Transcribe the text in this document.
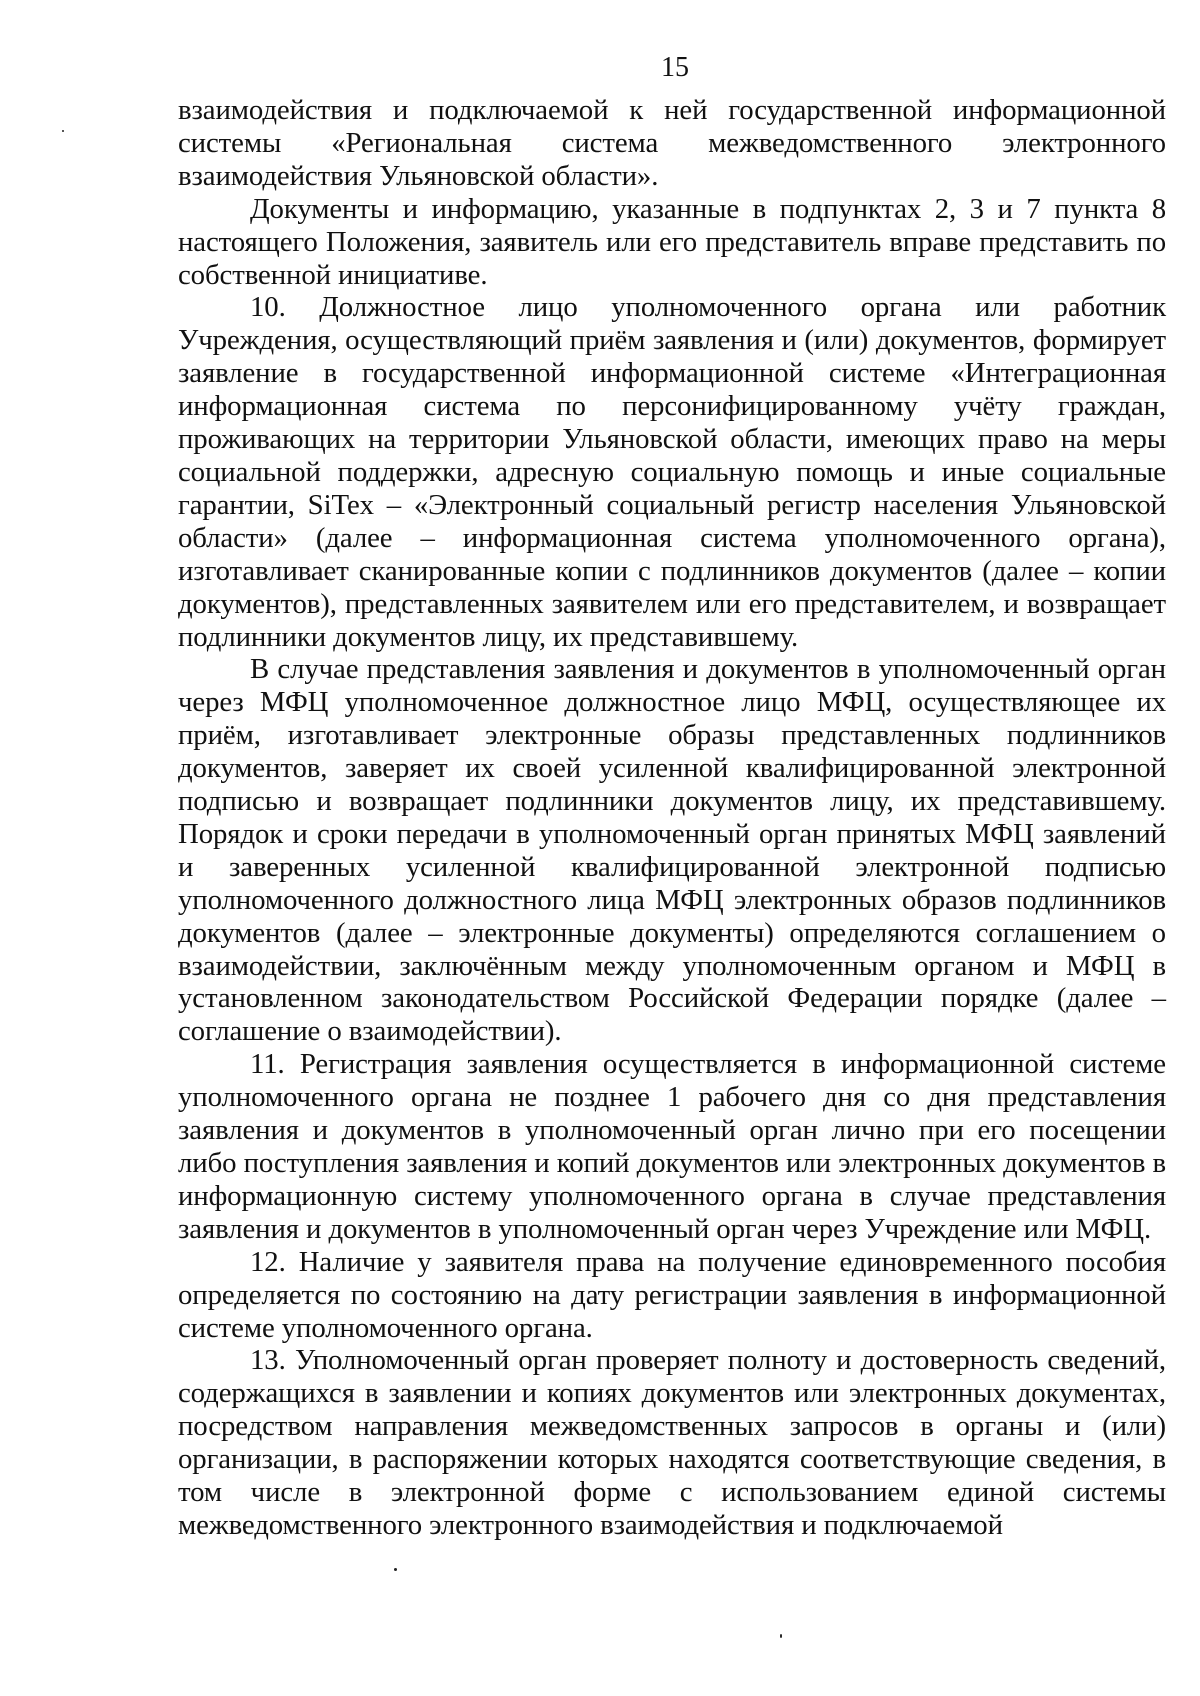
15

взаимодействия и подключаемой к ней государственной информационной системы «Региональная система межведомственного электронного взаимодействия Ульяновской области».

Документы и информацию, указанные в подпунктах 2, 3 и 7 пункта 8 настоящего Положения, заявитель или его представитель вправе представить по собственной инициативе.

10. Должностное лицо уполномоченного органа или работник Учреждения, осуществляющий приём заявления и (или) документов, формирует заявление в государственной информационной системе «Интеграционная информационная система по персонифицированному учёту граждан, проживающих на территории Ульяновской области, имеющих право на меры социальной поддержки, адресную социальную помощь и иные социальные гарантии, SiTex – «Электронный социальный регистр населения Ульяновской области» (далее – информационная система уполномоченного органа), изготавливает сканированные копии с подлинников документов (далее – копии документов), представленных заявителем или его представителем, и возвращает подлинники документов лицу, их представившему.

В случае представления заявления и документов в уполномоченный орган через МФЦ уполномоченное должностное лицо МФЦ, осуществляющее их приём, изготавливает электронные образы представленных подлинников документов, заверяет их своей усиленной квалифицированной электронной подписью и возвращает подлинники документов лицу, их представившему. Порядок и сроки передачи в уполномоченный орган принятых МФЦ заявлений и заверенных усиленной квалифицированной электронной подписью уполномоченного должностного лица МФЦ электронных образов подлинников документов (далее – электронные документы) определяются соглашением о взаимодействии, заключённым между уполномоченным органом и МФЦ в установленном законодательством Российской Федерации порядке (далее – соглашение о взаимодействии).

11. Регистрация заявления осуществляется в информационной системе уполномоченного органа не позднее 1 рабочего дня со дня представления заявления и документов в уполномоченный орган лично при его посещении либо поступления заявления и копий документов или электронных документов в информационную систему уполномоченного органа в случае представления заявления и документов в уполномоченный орган через Учреждение или МФЦ.

12. Наличие у заявителя права на получение единовременного пособия определяется по состоянию на дату регистрации заявления в информационной системе уполномоченного органа.

13. Уполномоченный орган проверяет полноту и достоверность сведений, содержащихся в заявлении и копиях документов или электронных документах, посредством направления межведомственных запросов в органы и (или) организации, в распоряжении которых находятся соответствующие сведения, в том числе в электронной форме с использованием единой системы межведомственного электронного взаимодействия и подключаемой
